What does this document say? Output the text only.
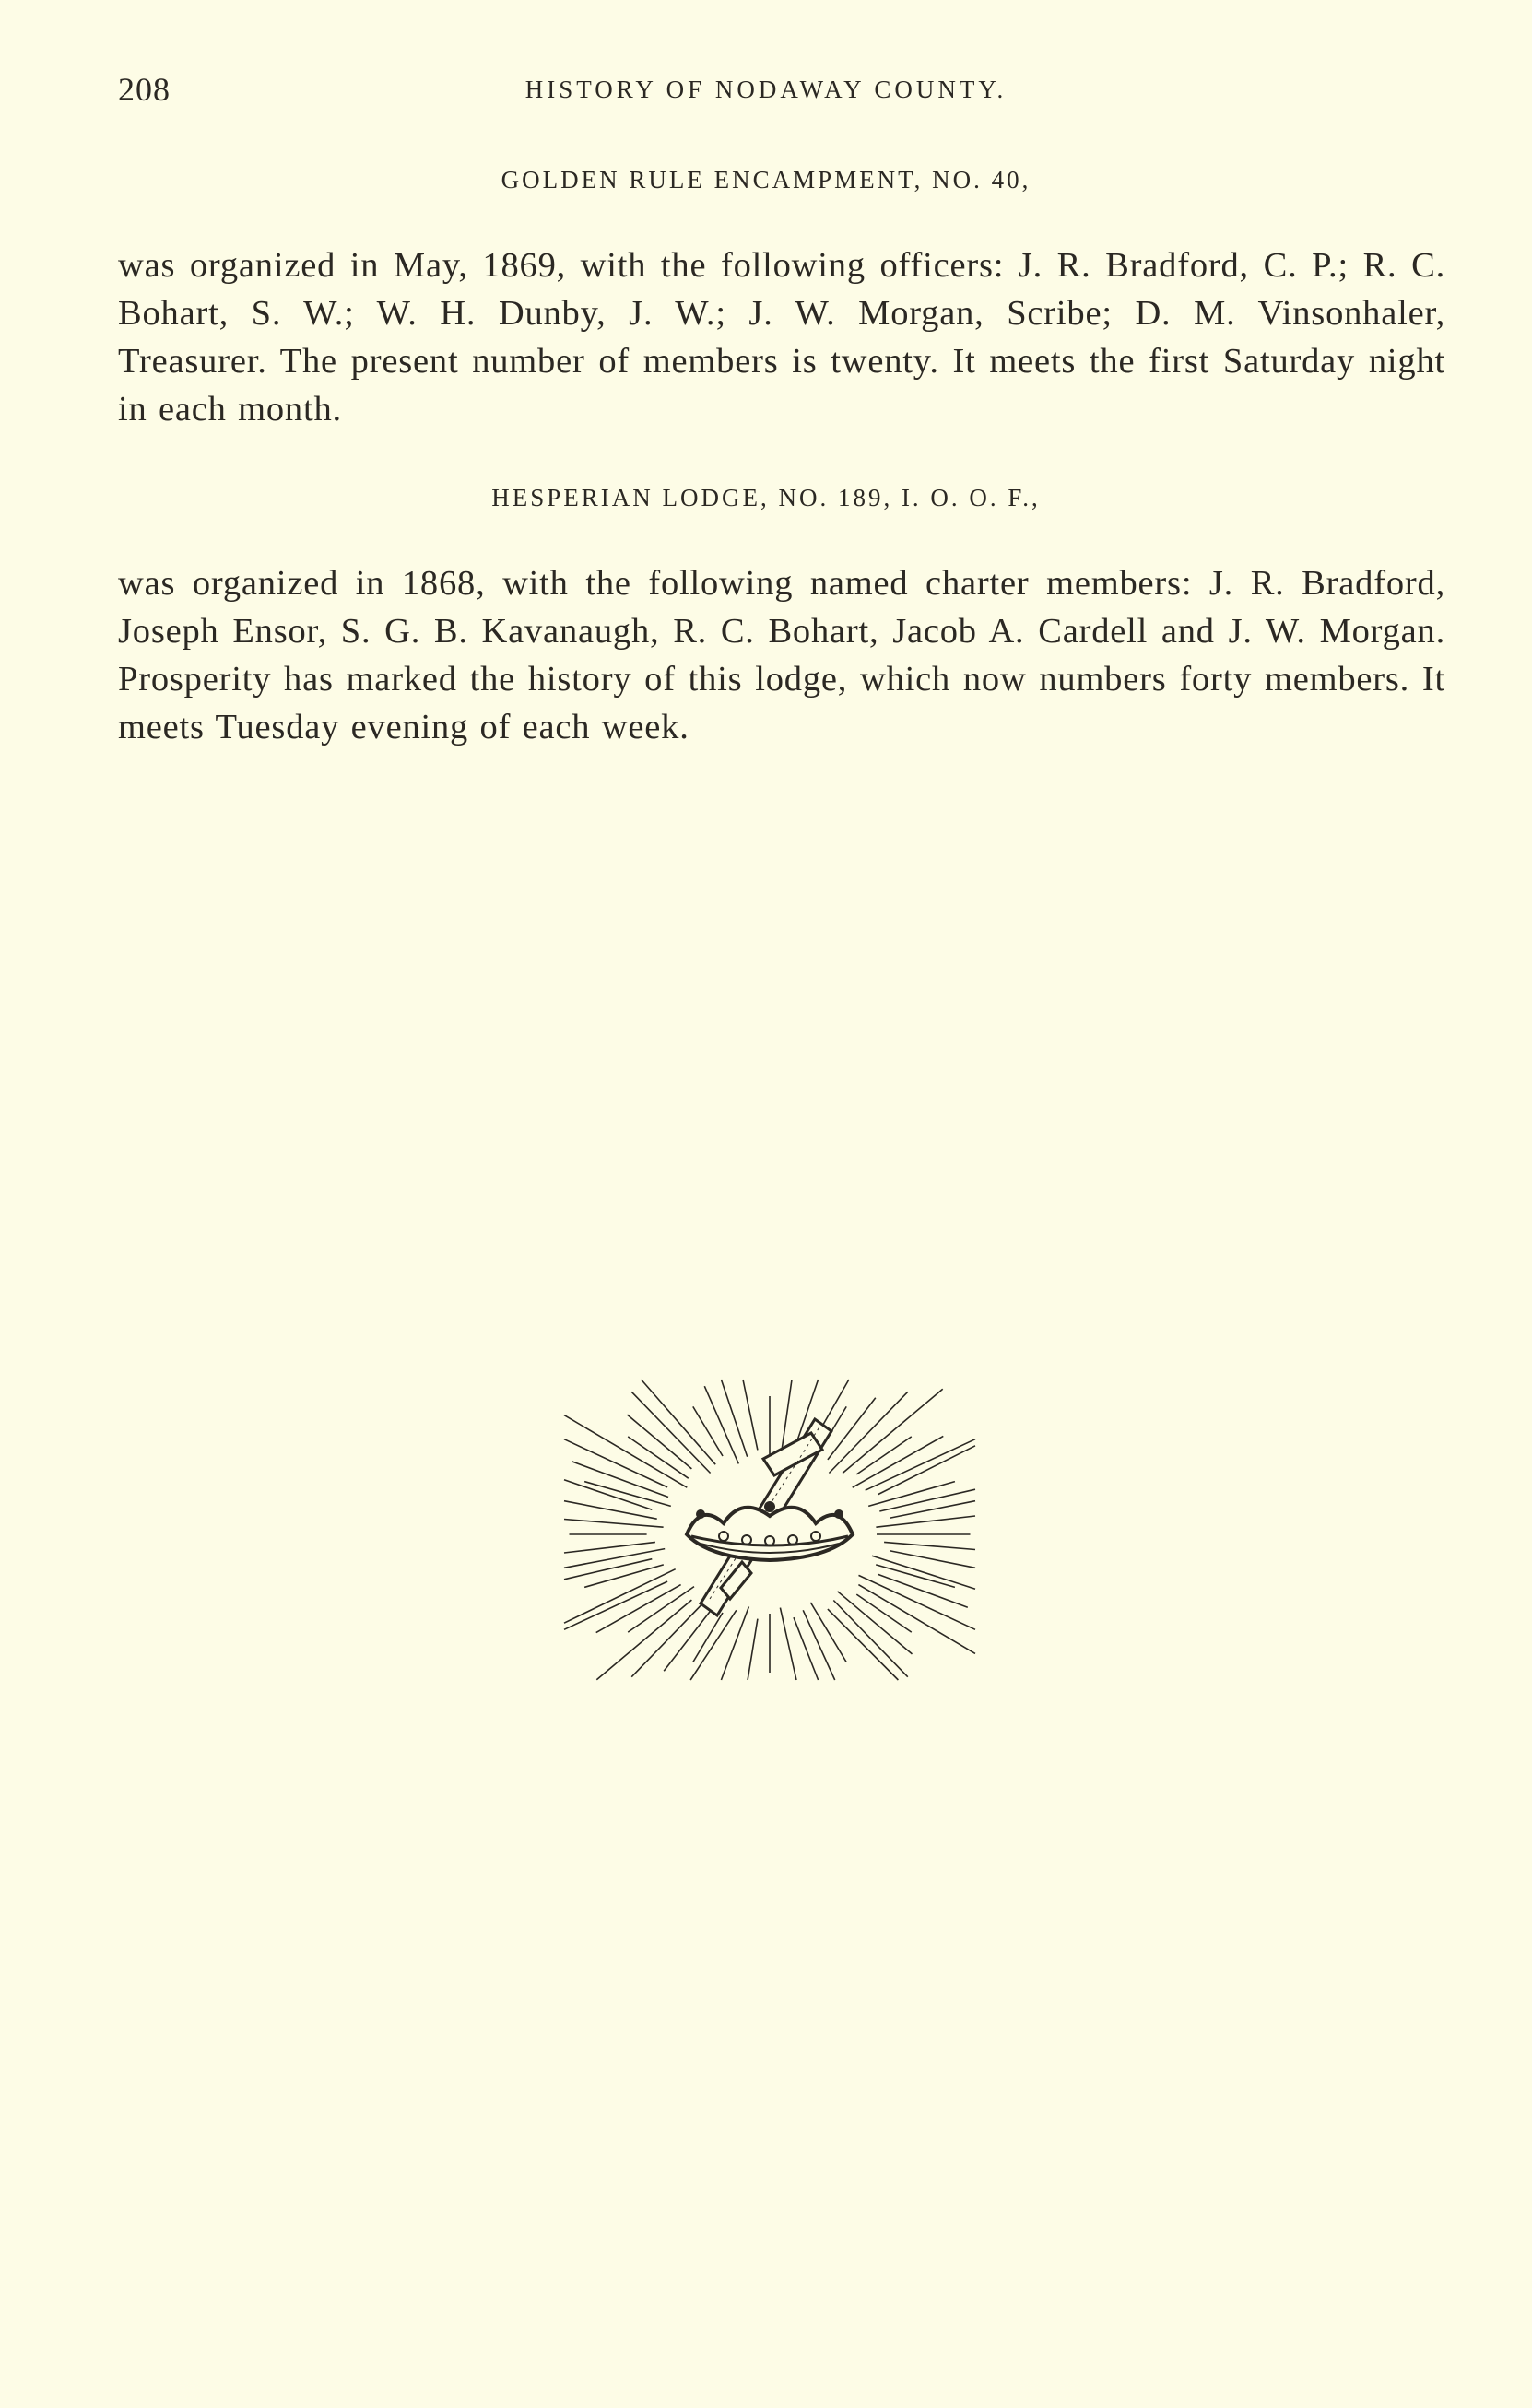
208	HISTORY OF NODAWAY COUNTY.
GOLDEN RULE ENCAMPMENT, NO. 40,
was organized in May, 1869, with the following officers: J. R. Bradford, C. P.; R. C. Bohart, S. W.; W. H. Dunby, J. W.; J. W. Morgan, Scribe; D. M. Vinsonhaler, Treasurer. The present number of members is twenty. It meets the first Saturday night in each month.
HESPERIAN LODGE, NO. 189, I. O. O. F.,
was organized in 1868, with the following named charter members: J. R. Bradford, Joseph Ensor, S. G. B. Kavanaugh, R. C. Bohart, Jacob A. Cardell and J. W. Morgan. Prosperity has marked the history of this lodge, which now numbers forty members. It meets Tuesday evening of each week.
